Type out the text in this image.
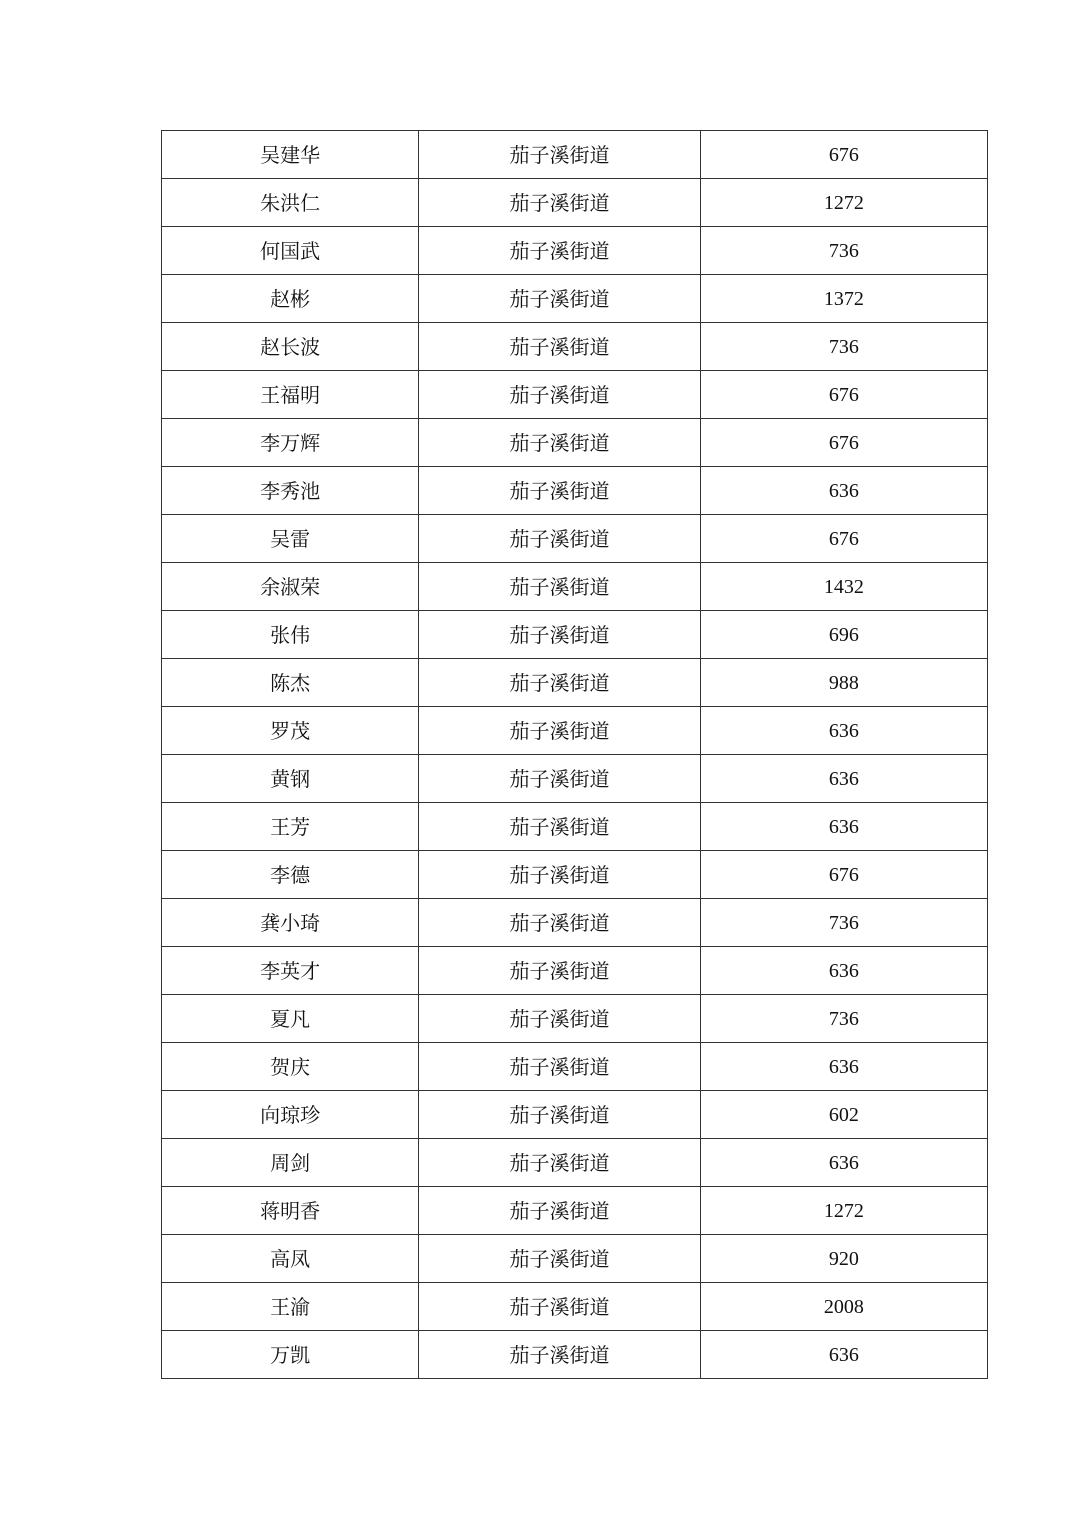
吴建华	茄子溪街道	676
朱洪仁	茄子溪街道	1272
何国武	茄子溪街道	736
赵彬	茄子溪街道	1372
赵长波	茄子溪街道	736
王福明	茄子溪街道	676
李万辉	茄子溪街道	676
李秀池	茄子溪街道	636
吴雷	茄子溪街道	676
余淑荣	茄子溪街道	1432
张伟	茄子溪街道	696
陈杰	茄子溪街道	988
罗茂	茄子溪街道	636
黄钢	茄子溪街道	636
王芳	茄子溪街道	636
李德	茄子溪街道	676
龚小琦	茄子溪街道	736
李英才	茄子溪街道	636
夏凡	茄子溪街道	736
贺庆	茄子溪街道	636
向琼珍	茄子溪街道	602
周剑	茄子溪街道	636
蒋明香	茄子溪街道	1272
高凤	茄子溪街道	920
王渝	茄子溪街道	2008
万凯	茄子溪街道	636
